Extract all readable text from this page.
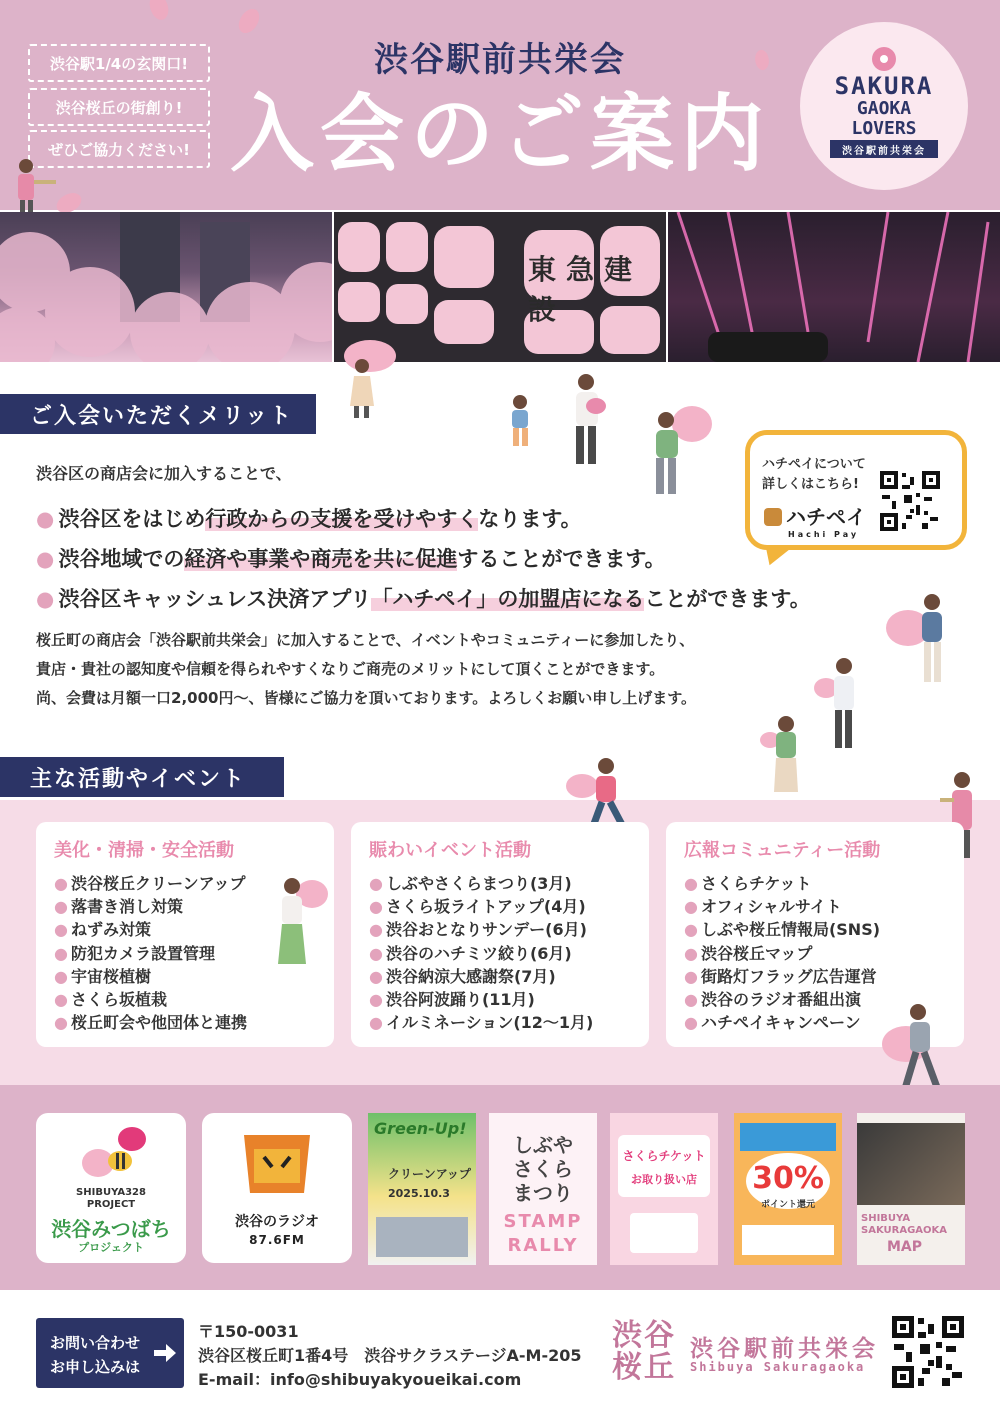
渋谷駅1/4の玄関口!
渋谷桜丘の街創り!
ぜひご協力ください!
渋谷駅前共栄会
入会のご案内	SAKURA
GAOKA
LOVERS
渋谷駅前共栄会
東急建設
ご入会いただくメリット
渋谷区の商店会に加入することで、
● 渋谷区をはじめ行政からの支援を受けやすくなります。
● 渋谷地域での経済や事業や商売を共に促進することができます。
● 渋谷区キャッシュレス決済アプリ「ハチペイ」の加盟店になることができます。
桜丘町の商店会「渋谷駅前共栄会」に加入することで、イベントやコミュニティーに参加したり、
貴店・貴社の認知度や信頼を得られやすくなりご商売のメリットにして頂くことができます。
尚、会費は月額一口2,000円〜、皆様にご協力を頂いております。よろしくお願い申し上げます。
ハチペイについて
詳しくはこちら!
ハチペイ
Hachi Pay
主な活動やイベント
美化・清掃・安全活動
● 渋谷桜丘クリーンアップ
● 落書き消し対策
● ねずみ対策
● 防犯カメラ設置管理
● 宇宙桜植樹
● さくら坂植栽
● 桜丘町会や他団体と連携
賑わいイベント活動
● しぶやさくらまつり(3月)
● さくら坂ライトアップ(4月)
● 渋谷おとなりサンデー(6月)
● 渋谷のハチミツ絞り(6月)
● 渋谷納涼大感謝祭(7月)
● 渋谷阿波踊り(11月)
● イルミネーション(12〜1月)
広報コミュニティー活動
● さくらチケット
● オフィシャルサイト
● しぶや桜丘情報局(SNS)
● 渋谷桜丘マップ
● 街路灯フラッグ広告運営
● 渋谷のラジオ番組出演
● ハチペイキャンペーン
SHIBUYA328
PROJECT
渋谷みつばち
プロジェクト
渋谷のラジオ
87.6FM
Green-Up!
クリーンアップ
2025.10.3
しぶや さくら まつり
STAMP
RALLY
さくらチケット
お取り扱い店	30%
ポイント還元
SHIBUYA SAKURAGAOKA
MAP
お問い合わせ
お申し込みは
〒150-0031
渋谷区桜丘町1番4号　渋谷サクラステージA-M-205
E-mail：info@shibuyakyoueikai.com
渋谷桜丘
渋谷駅前共栄会
Shibuya Sakuragaoka
